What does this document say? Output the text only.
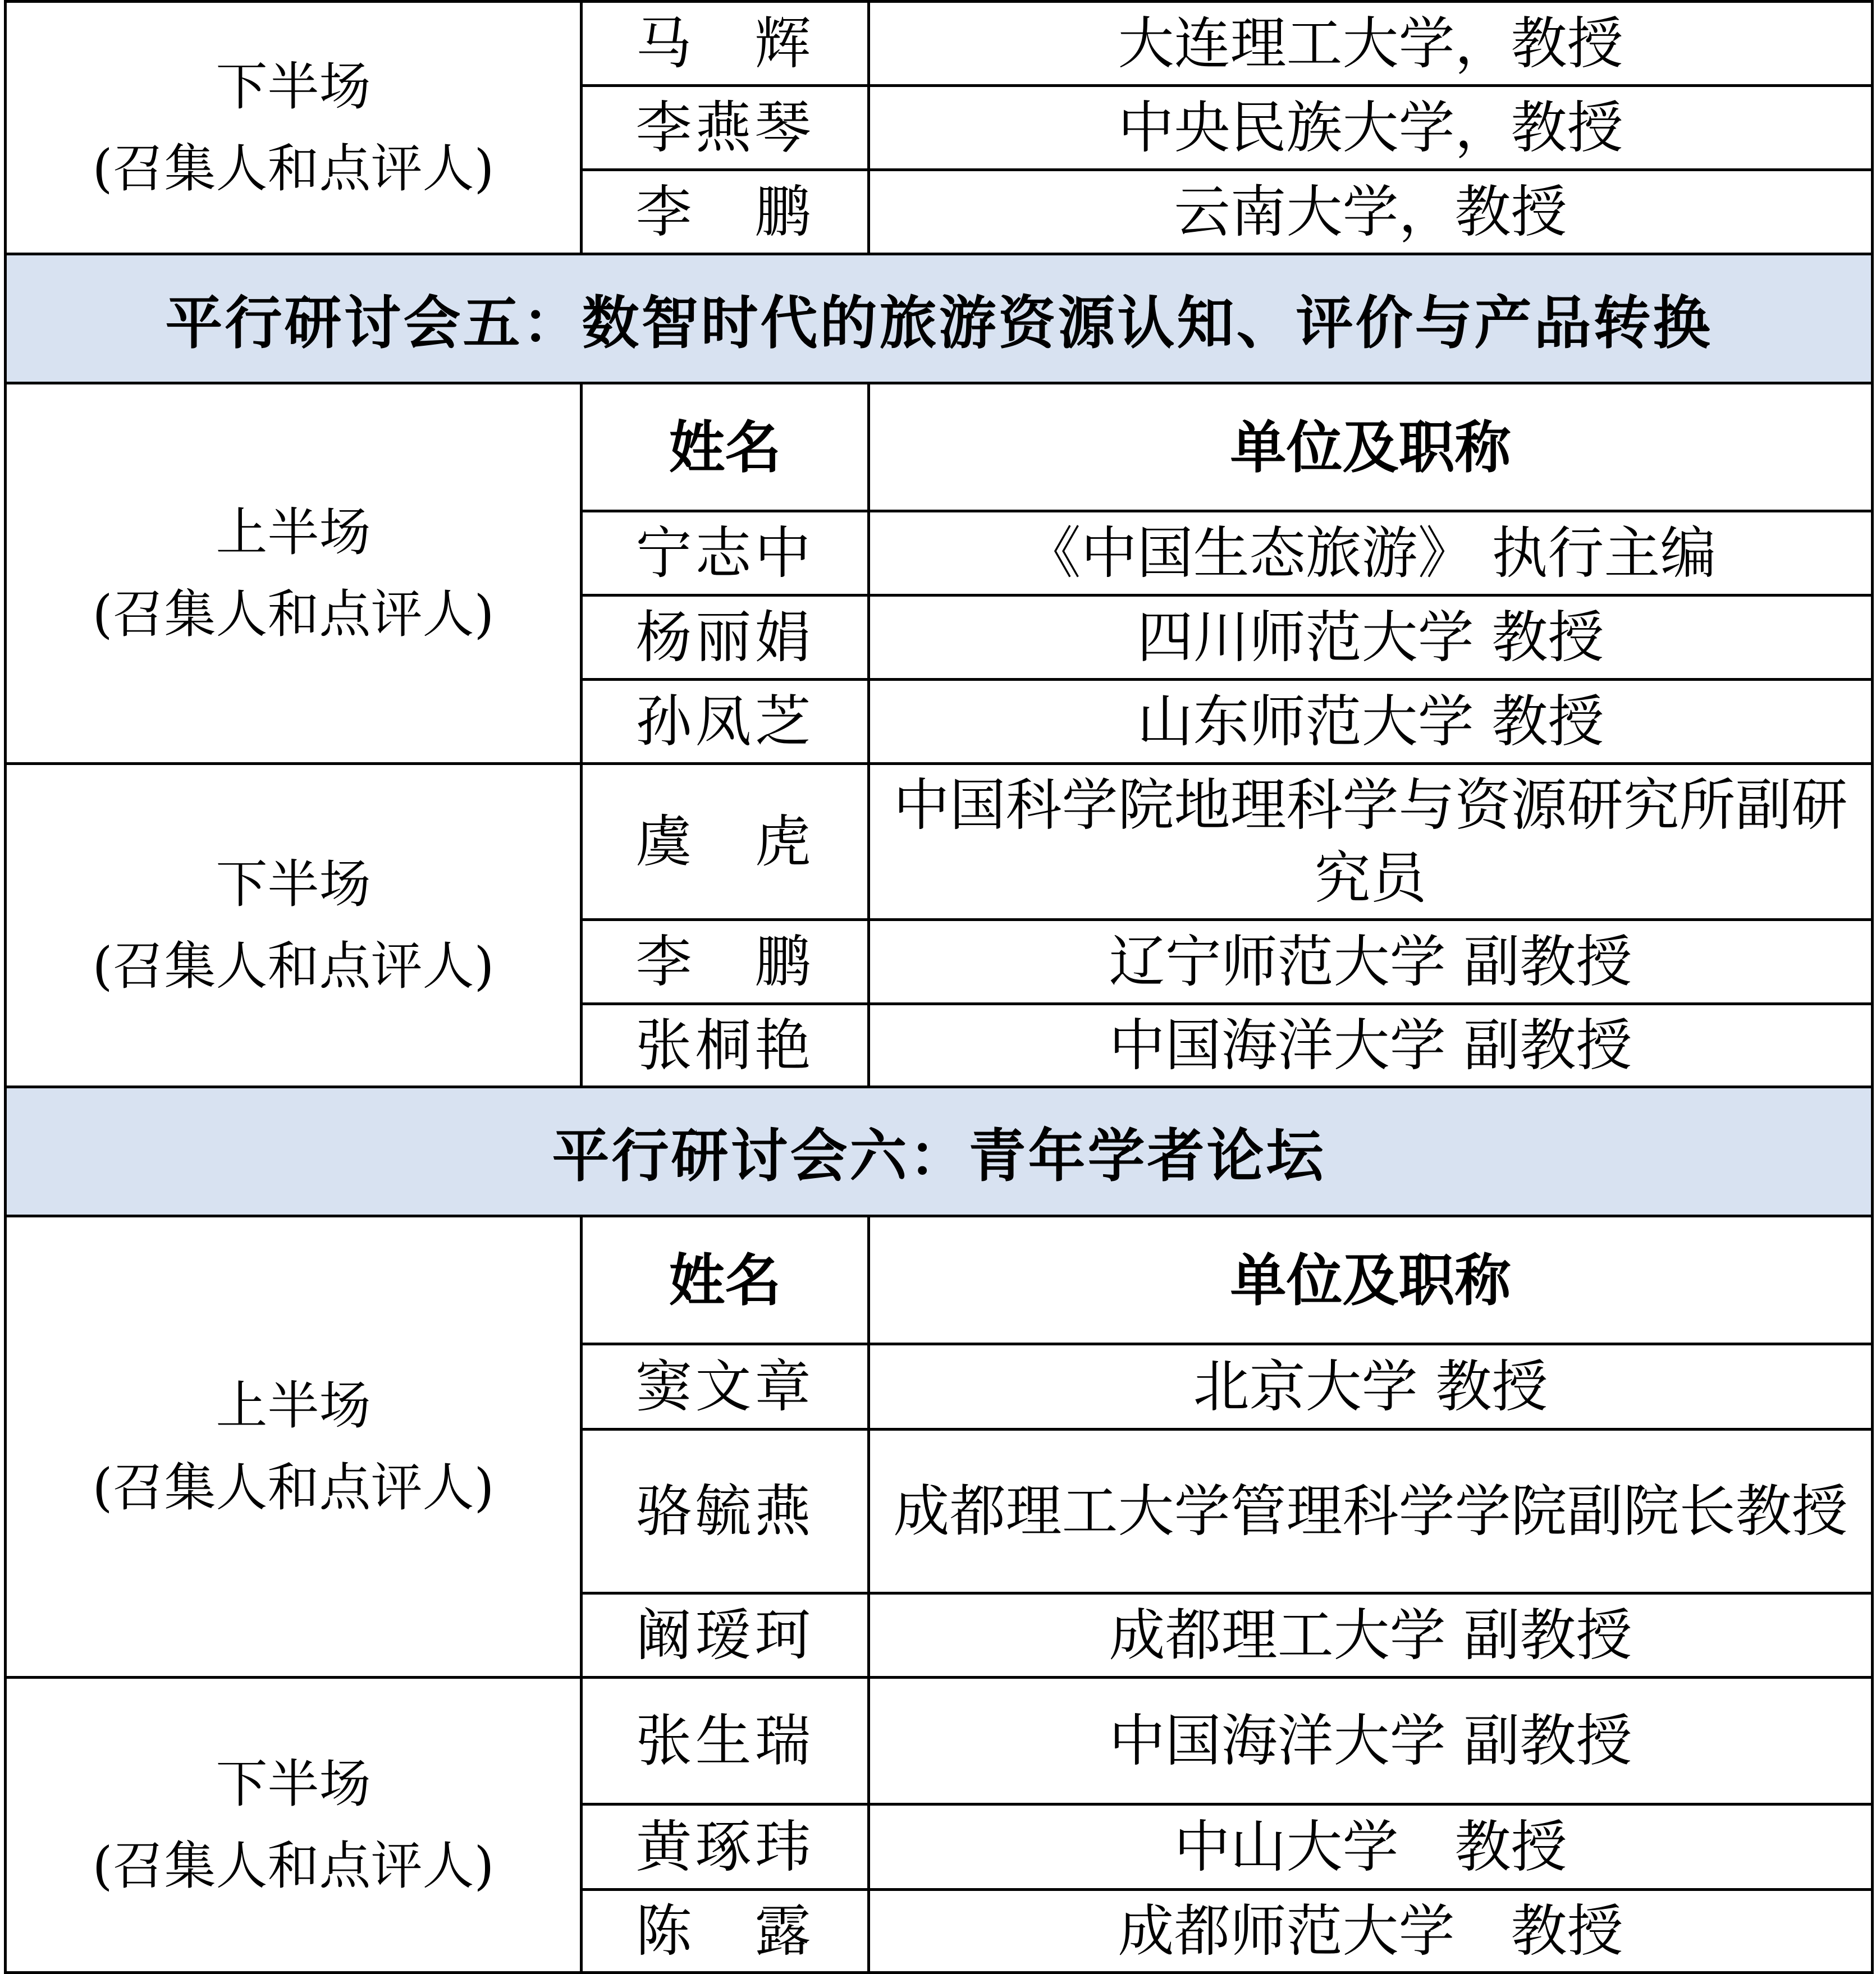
下半场
(召集人和点评人)	马　辉	大连理工大学，教授
	李燕琴	中央民族大学，教授
	李　鹏	云南大学，教授
平行研讨会五：数智时代的旅游资源认知、评价与产品转换		

上半场
(召集人和点评人)	姓名	单位及职称
	宁志中	《中国生态旅游》 执行主编
	杨丽娟	四川师范大学 教授
	孙凤芝	山东师范大学 教授

下半场
(召集人和点评人)	虞　虎	中国科学院地理科学与资源研究所副研究员
	李　鹏	辽宁师范大学 副教授
	张桐艳	中国海洋大学 副教授
平行研讨会六：青年学者论坛		

上半场
(召集人和点评人)	姓名	单位及职称
	窦文章	北京大学 教授
	骆毓燕	成都理工大学管理科学学院副院长教授
	阚瑷珂	成都理工大学 副教授

下半场
(召集人和点评人)	张生瑞	中国海洋大学 副教授
	黄琢玮	中山大学　教授
	陈　露	成都师范大学　教授
